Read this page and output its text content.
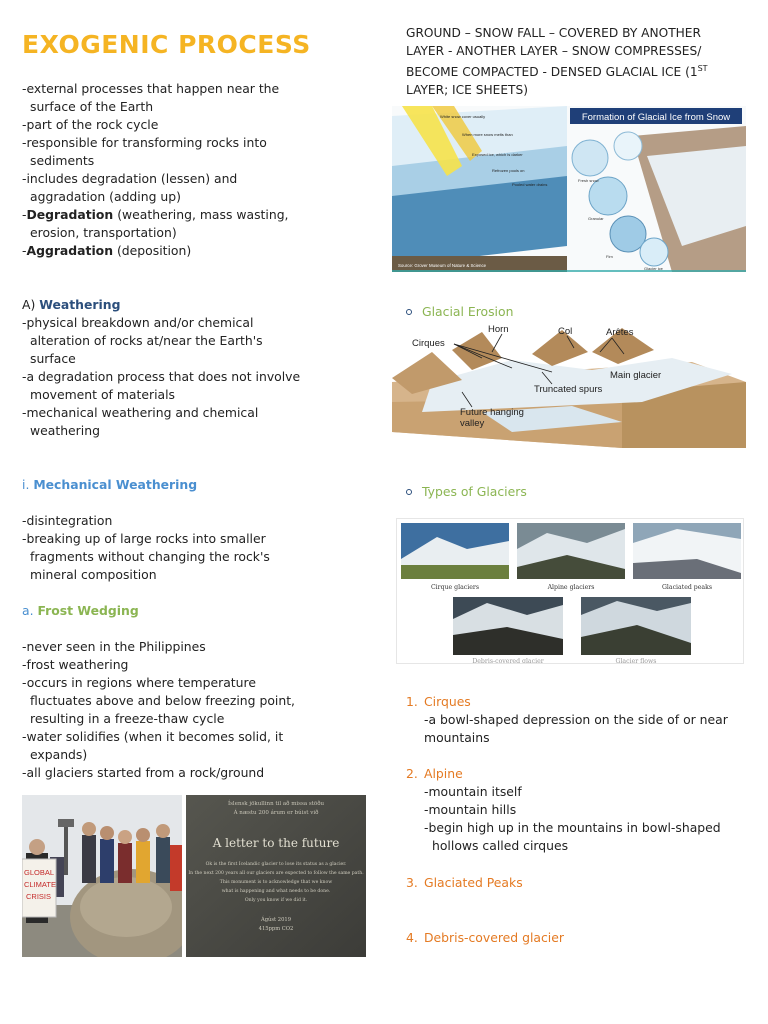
EXOGENIC PROCESS
-external processes that happen near the
surface of the Earth
-part of the rock cycle
-responsible for transforming rocks into
sediments
-includes degradation (lessen) and
aggradation (adding up)
-Degradation (weathering, mass wasting,
erosion, transportation)
-Aggradation (deposition)
A) Weathering
-physical breakdown and/or chemical
alteration of rocks at/near the Earth's
surface
-a degradation process that does not involve
movement of materials
-mechanical weathering and chemical
weathering
i. Mechanical Weathering
-disintegration
-breaking up of large rocks into smaller
fragments without changing the rock's
mineral composition
a. Frost Wedging
-never seen in the Philippines
-frost weathering
-occurs in regions where temperature
fluctuates above and below freezing point,
resulting in a freeze-thaw cycle
-water solidifies (when it becomes solid, it
expands)
-all glaciers started from a rock/ground
GLOBAL
CLIMATE
CRISIS
Íslensk jökullinn til að missa stöðu
Á næstu 200 árum er búist við
A letter to the future
Ok is the first Icelandic glacier to lose its status as a glacier.
In the next 200 years all our glaciers are expected to follow the same path.
This monument is to acknowledge that we know
what is happening and what needs to be done.
Only you know if we did it.
Ágúst 2019
415ppm CO2
GROUND – SNOW FALL – COVERED BY ANOTHER
LAYER - ANOTHER LAYER – SNOW COMPRESSES/
BECOME COMPACTED - DENSED GLACIAL ICE (1ST
LAYER; ICE SHEETS)
White snow cover usually
When more snow melts than
Exposed ice, which is darker
Refrozen pools on
Pooled water drains
Source: Grover Museum of Nature & Science
Formation of Glacial Ice from Snow
Fresh snow
Granular
Firn
Glacier ice
Glacial Erosion
Horn	Col	Arêtes
Cirques
Main glacier
Truncated spurs
Future hanging
valley
Types of Glaciers
Cirque glaciers	Alpine glaciers	Glaciated peaks
Debris-covered glacier	Glacier flows
1. Cirques
-a bowl-shaped depression on the side of or near
mountains
2. Alpine
-mountain itself
-mountain hills
-begin high up in the mountains in bowl-shaped
hollows called cirques
3. Glaciated Peaks
4. Debris-covered glacier
